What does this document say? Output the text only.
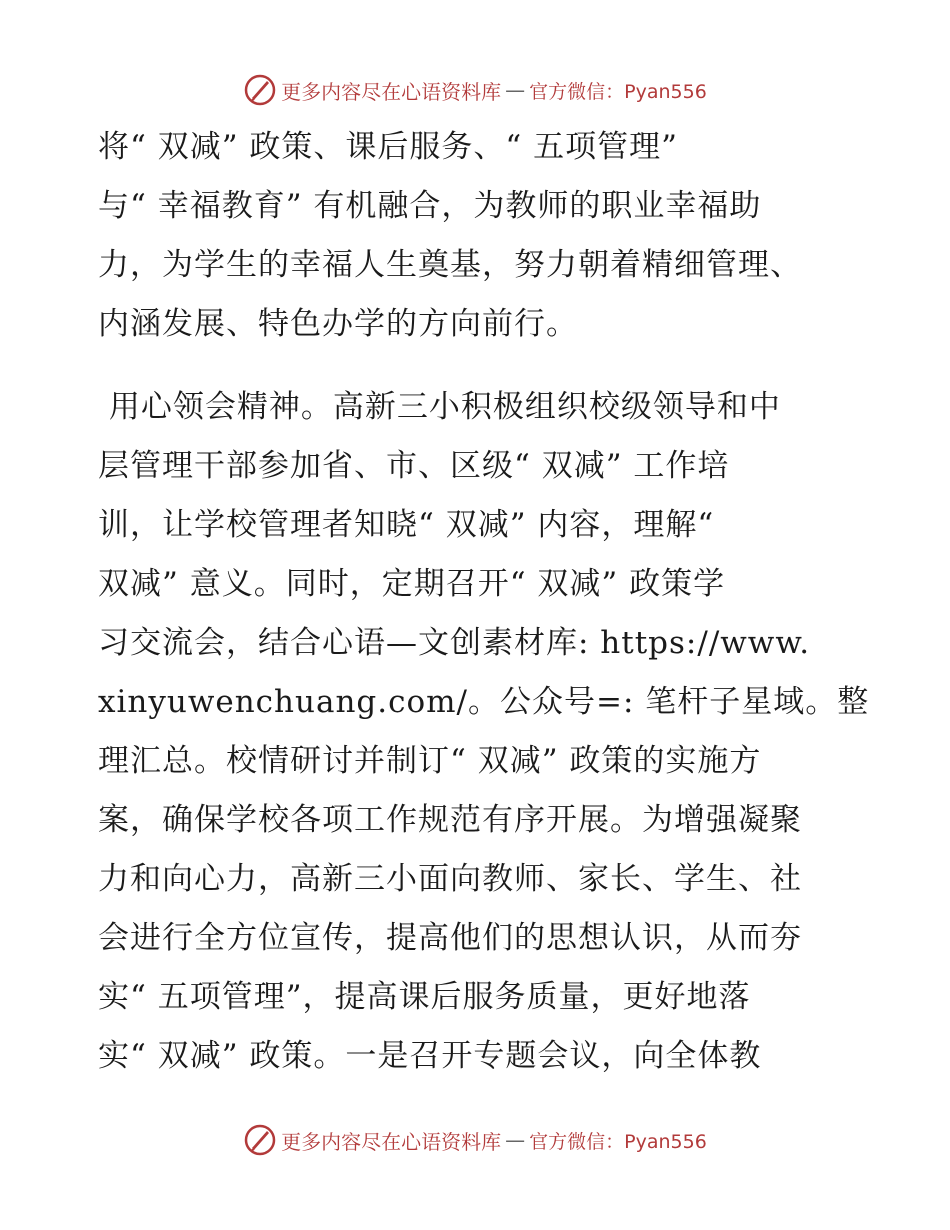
更多内容尽在心语资料库 — 官方微信：Pyan556
将“ 双减” 政策、课后服务、“ 五项管理”
与“ 幸福教育” 有机融合，为教师的职业幸福助
力，为学生的幸福人生奠基，努力朝着精细管理、
内涵发展、特色办学的方向前行。
用心领会精神。高新三小积极组织校级领导和中
层管理干部参加省、市、区级“ 双减” 工作培
训，让学校管理者知晓“ 双减” 内容，理解“
双减” 意义。同时，定期召开“ 双减” 政策学
习交流会，结合心语—文创素材库: https://www.
xinyuwenchuang.com/。公众号=: 笔杆子星域。整
理汇总。校情研讨并制订“ 双减” 政策的实施方
案，确保学校各项工作规范有序开展。为增强凝聚
力和向心力，高新三小面向教师、家长、学生、社
会进行全方位宣传，提高他们的思想认识，从而夯
实“ 五项管理”，提高课后服务质量，更好地落
实“ 双减” 政策。一是召开专题会议，向全体教
更多内容尽在心语资料库 — 官方微信：Pyan556
